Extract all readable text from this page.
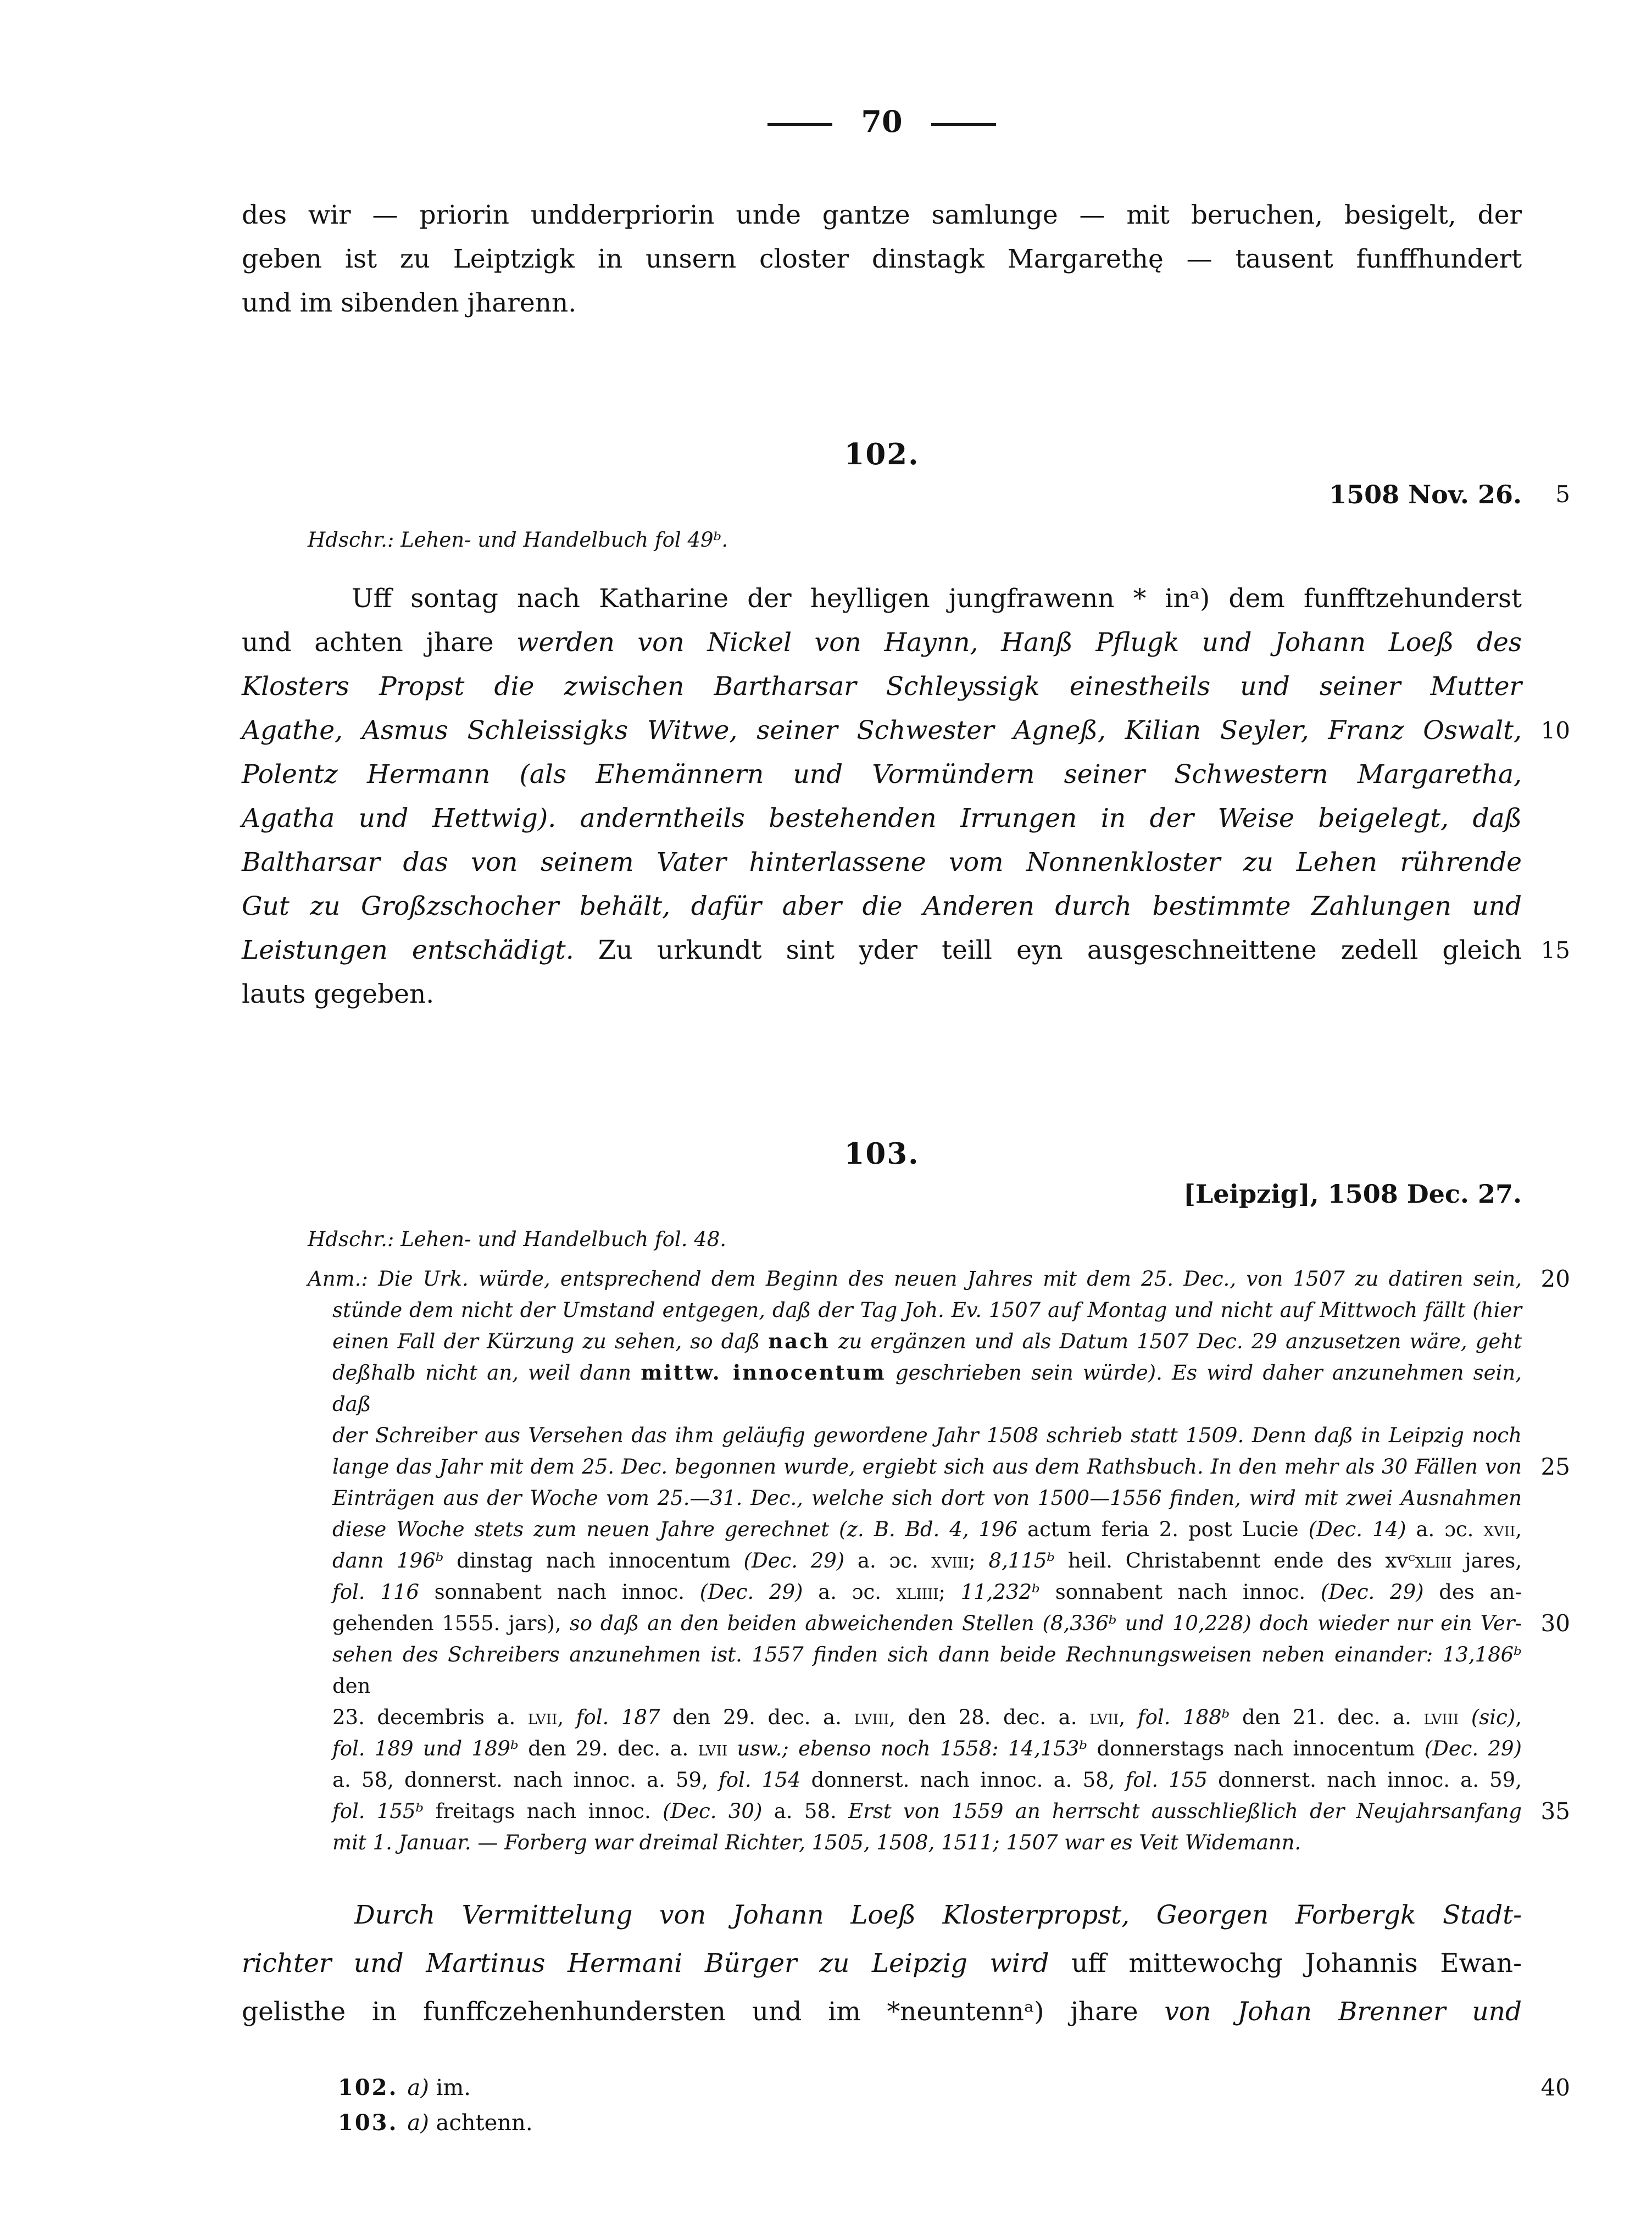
70
des wir — priorin undderpriorin unde gantze samlunge — mit beruchen, besigelt, der
geben ist zu Leiptzigk in unsern closter dinstagk Margarethę — tausent funffhundert
und im sibenden jharenn.
102.
1508 Nov. 26. 5
Hdschr.: Lehen- und Handelbuch fol 49ᵇ.
Uff sontag nach Katharine der heylligen jungfrawenn * inᵃ) dem funfftzehunderst
und achten jhare werden von Nickel von Haynn, Hanß Pflugk und Johann Loeß des
Klosters Propst die zwischen Bartharsar Schleyssigk einestheils und seiner Mutter
Agathe, Asmus Schleissigks Witwe, seiner Schwester Agneß, Kilian Seyler, Franz Oswalt, 10
Polentz Hermann (als Ehemännern und Vormündern seiner Schwestern Margaretha,
Agatha und Hettwig). anderntheils bestehenden Irrungen in der Weise beigelegt, daß
Baltharsar das von seinem Vater hinterlassene vom Nonnenkloster zu Lehen rührende
Gut zu Großzschocher behält, dafür aber die Anderen durch bestimmte Zahlungen und
Leistungen entschädigt. Zu urkundt sint yder teill eyn ausgeschneittene zedell gleich 15
lauts gegeben.
103.
[Leipzig], 1508 Dec. 27.
Hdschr.: Lehen- und Handelbuch fol. 48.
Anm.: Die Urk. würde, entsprechend dem Beginn des neuen Jahres mit dem 25. Dec., von 1507 zu datiren sein, 20
stünde dem nicht der Umstand entgegen, daß der Tag Joh. Ev. 1507 auf Montag und nicht auf Mittwoch fällt (hier
einen Fall der Kürzung zu sehen, so daß nach zu ergänzen und als Datum 1507 Dec. 29 anzusetzen wäre, geht
deßhalb nicht an, weil dann mittw. innocentum geschrieben sein würde). Es wird daher anzunehmen sein, daß
der Schreiber aus Versehen das ihm geläufig gewordene Jahr 1508 schrieb statt 1509. Denn daß in Leipzig noch
lange das Jahr mit dem 25. Dec. begonnen wurde, ergiebt sich aus dem Rathsbuch. In den mehr als 30 Fällen von 25
Einträgen aus der Woche vom 25.—31. Dec., welche sich dort von 1500—1556 finden, wird mit zwei Ausnahmen
diese Woche stets zum neuen Jahre gerechnet (z. B. Bd. 4, 196 actum feria 2. post Lucie (Dec. 14) a. ɔc. xvii,
dann 196ᵇ dinstag nach innocentum (Dec. 29) a. ɔc. xviii; 8,115ᵇ heil. Christabennt ende des xvᶜxliii jares,
fol. 116 sonnabent nach innoc. (Dec. 29) a. ɔc. xliiii; 11,232ᵇ sonnabent nach innoc. (Dec. 29) des an-
gehenden 1555. jars), so daß an den beiden abweichenden Stellen (8,336ᵇ und 10,228) doch wieder nur ein Ver- 30
sehen des Schreibers anzunehmen ist. 1557 finden sich dann beide Rechnungsweisen neben einander: 13,186ᵇ den
23. decembris a. lvii, fol. 187 den 29. dec. a. lviii, den 28. dec. a. lvii, fol. 188ᵇ den 21. dec. a. lviii (sic),
fol. 189 und 189ᵇ den 29. dec. a. lvii usw.; ebenso noch 1558: 14,153ᵇ donnerstags nach innocentum (Dec. 29)
a. 58, donnerst. nach innoc. a. 59, fol. 154 donnerst. nach innoc. a. 58, fol. 155 donnerst. nach innoc. a. 59,
fol. 155ᵇ freitags nach innoc. (Dec. 30) a. 58. Erst von 1559 an herrscht ausschließlich der Neujahrsanfang 35
mit 1. Januar. — Forberg war dreimal Richter, 1505, 1508, 1511; 1507 war es Veit Widemann.
Durch Vermittelung von Johann Loeß Klosterpropst, Georgen Forbergk Stadt-
richter und Martinus Hermani Bürger zu Leipzig wird uff mittewochg Johannis Ewan-
gelisthe in funffczehenhundersten und im *neuntennᵃ) jhare von Johan Brenner und
102. a) im.	40
103. a) achtenn.
